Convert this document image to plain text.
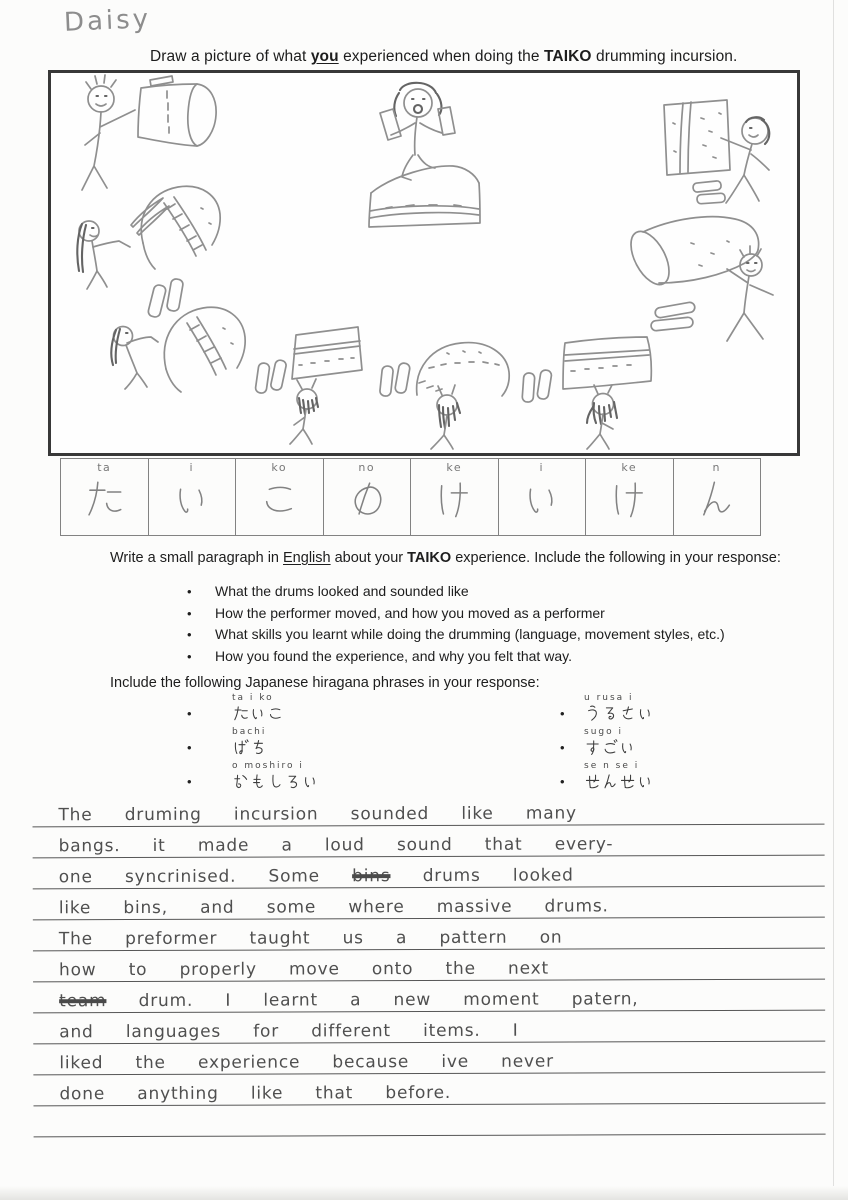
Daisy
Draw a picture of what you experienced when doing the TAIKO drumming incursion.
ta	i	ko	no	ke	i	ke	n
Write a small paragraph in English about your TAIKO experience. Include the following in your response:
•	What the drums looked and sounded like
•	How the performer moved, and how you moved as a performer
•	What skills you learnt while doing the drumming (language, movement styles, etc.)
•	How you found the experience, and why you felt that way.
Include the following Japanese hiragana phrases in your response:
•
ta i ko
•
bachi
•
o moshiro i
•
u rusa i
•
sugo i
•
se n se i
The druming incursion sounded like many
bangs. it made a loud sound that every-
one syncrinised. Some bins drums looked
like bins, and some where massive drums.
The preformer taught us a pattern on
how to properly move onto the next
team drum. I learnt a new moment patern,
and languages for different items. I
liked the experience because ive never
done anything like that before.
